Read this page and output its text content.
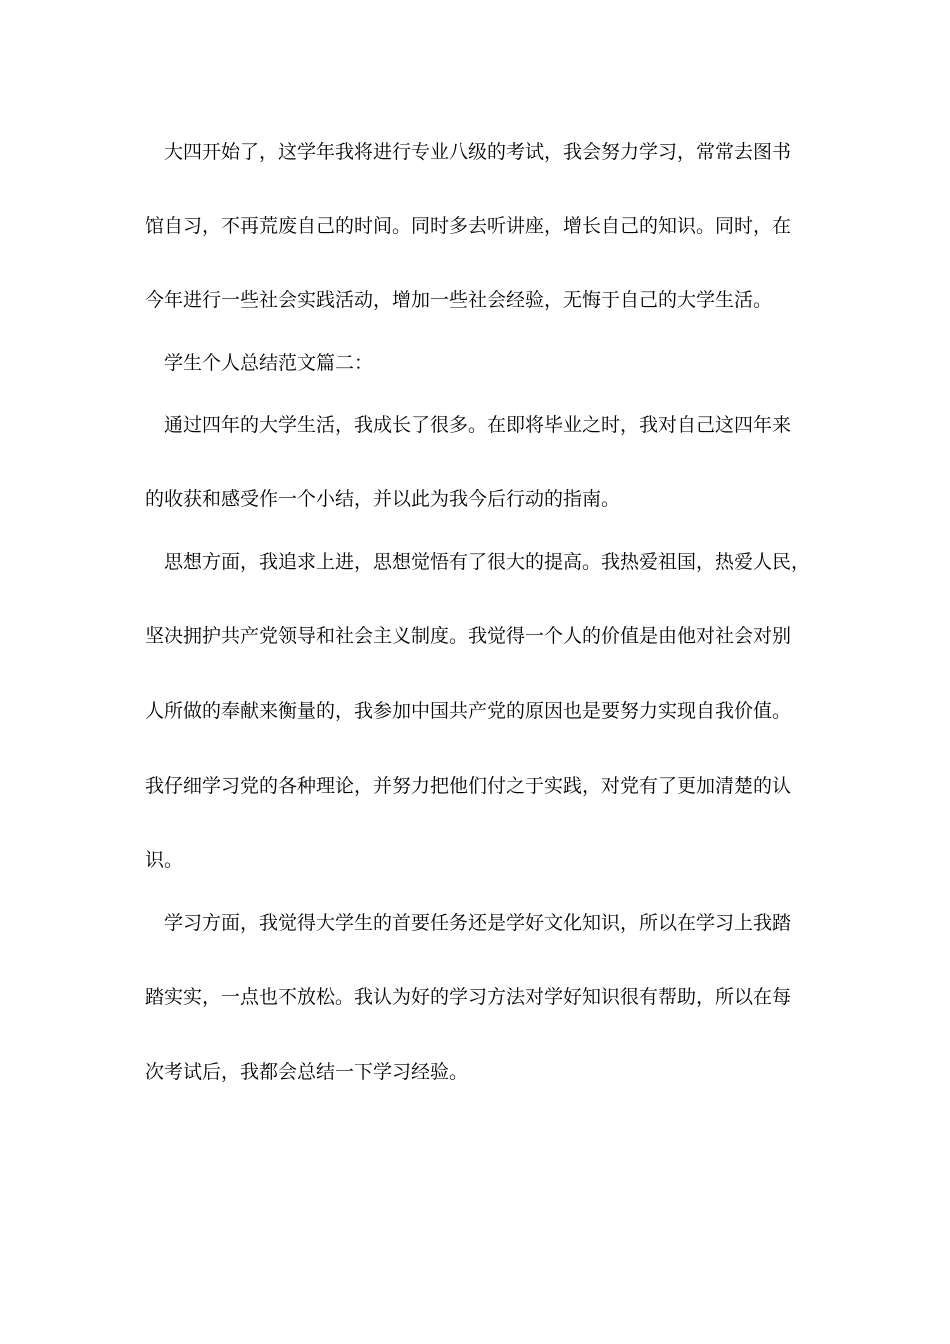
大四开始了，这学年我将进行专业八级的考试，我会努力学习，常常去图书
馆自习，不再荒废自己的时间。同时多去听讲座，增长自己的知识。同时，在
今年进行一些社会实践活动，增加一些社会经验，无悔于自己的大学生活。
学生个人总结范文篇二：
通过四年的大学生活，我成长了很多。在即将毕业之时，我对自己这四年来
的收获和感受作一个小结，并以此为我今后行动的指南。
思想方面，我追求上进，思想觉悟有了很大的提高。我热爱祖国，热爱人民，
坚决拥护共产党领导和社会主义制度。我觉得一个人的价值是由他对社会对别
人所做的奉献来衡量的，我参加中国共产党的原因也是要努力实现自我价值。
我仔细学习党的各种理论，并努力把他们付之于实践，对党有了更加清楚的认
识。
学习方面，我觉得大学生的首要任务还是学好文化知识，所以在学习上我踏
踏实实，一点也不放松。我认为好的学习方法对学好知识很有帮助，所以在每
次考试后，我都会总结一下学习经验。
